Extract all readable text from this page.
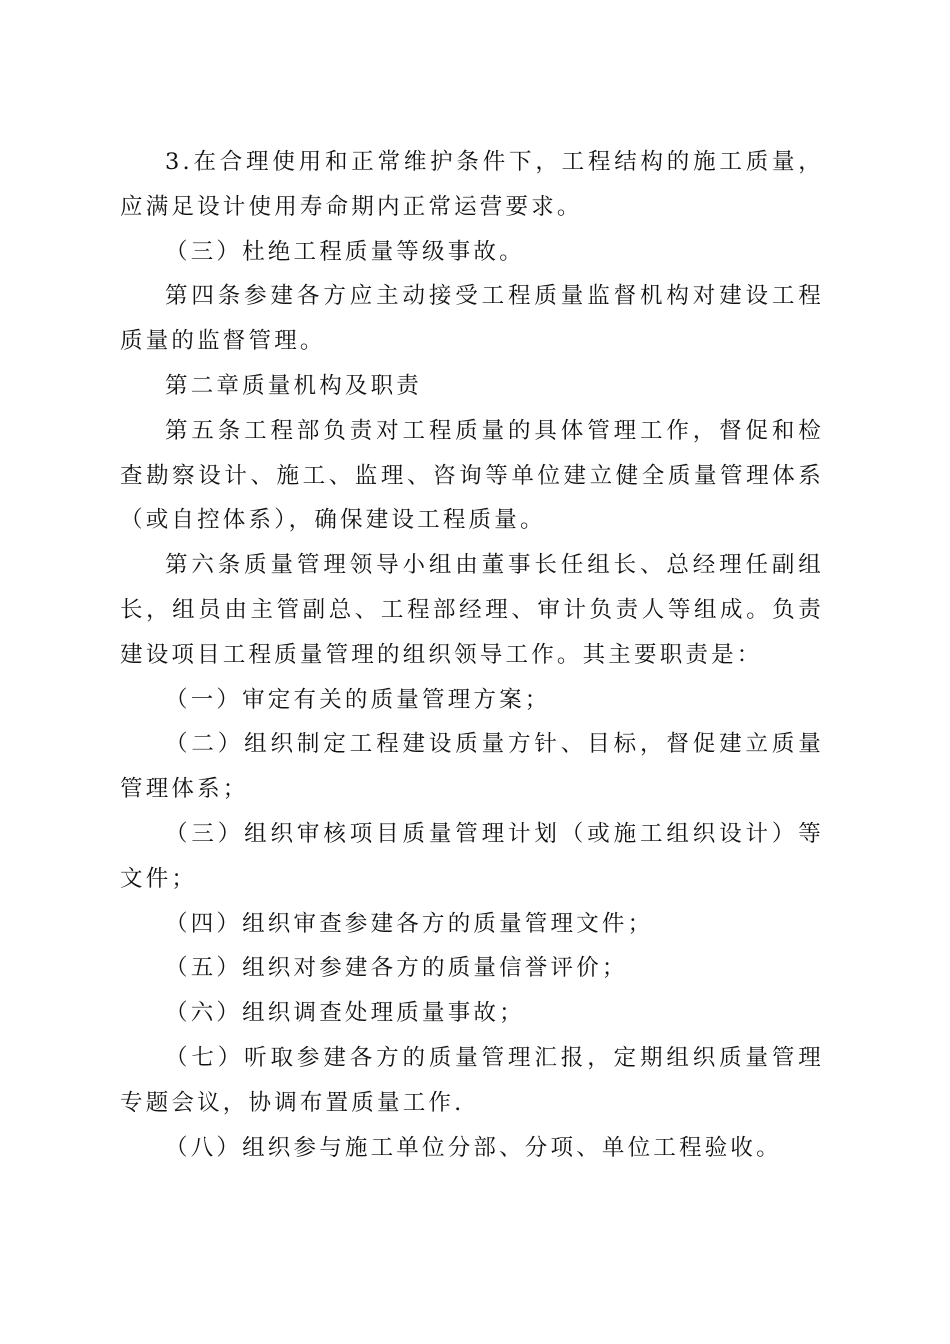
3.在合理使用和正常维护条件下，工程结构的施工质量，应满足设计使用寿命期内正常运营要求。

（三）杜绝工程质量等级事故。

第四条参建各方应主动接受工程质量监督机构对建设工程质量的监督管理。

第二章质量机构及职责

第五条工程部负责对工程质量的具体管理工作，督促和检查勘察设计、施工、监理、咨询等单位建立健全质量管理体系（或自控体系），确保建设工程质量。

第六条质量管理领导小组由董事长任组长、总经理任副组长，组员由主管副总、工程部经理、审计负责人等组成。负责建设项目工程质量管理的组织领导工作。其主要职责是：

（一）审定有关的质量管理方案；

（二）组织制定工程建设质量方针、目标，督促建立质量管理体系；

（三）组织审核项目质量管理计划（或施工组织设计）等文件；

（四）组织审查参建各方的质量管理文件；

（五）组织对参建各方的质量信誉评价；

（六）组织调查处理质量事故；

（七）听取参建各方的质量管理汇报，定期组织质量管理专题会议，协调布置质量工作.

（八）组织参与施工单位分部、分项、单位工程验收。
